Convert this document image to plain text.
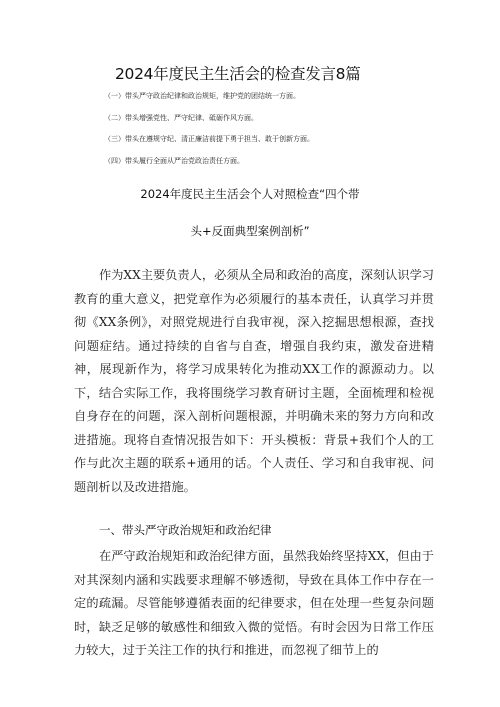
2024年度民主生活会的检查发言8篇
（一）带头严守政治纪律和政治规矩，维护党的团结统一方面。
（二）带头增强党性、严守纪律、砥砺作风方面。
（三）带头在遵规守纪、清正廉洁前提下勇于担当、敢于创新方面。
（四）带头履行全面从严治党政治责任方面。
2024年度民主生活会个人对照检查“四个带
头+反面典型案例剖析”
作为XX主要负责人，必须从全局和政治的高度，深刻认识学习教育的重大意义，把党章作为必须履行的基本责任，认真学习并贯彻《XX条例》，对照党规进行自我审视，深入挖掘思想根源，查找问题症结。通过持续的自省与自查，增强自我约束，激发奋进精神，展现新作为，将学习成果转化为推动XX工作的源源动力。以下，结合实际工作，我将围绕学习教育研讨主题，全面梳理和检视自身存在的问题，深入剖析问题根源，并明确未来的努力方向和改进措施。现将自查情况报告如下：开头模板：背景+我们个人的工作与此次主题的联系+通用的话。个人责任、学习和自我审视、问题剖析以及改进措施。
一、带头严守政治规矩和政治纪律
在严守政治规矩和政治纪律方面，虽然我始终坚持XX，但由于对其深刻内涵和实践要求理解不够透彻，导致在具体工作中存在一定的疏漏。尽管能够遵循表面的纪律要求，但在处理一些复杂问题时，缺乏足够的敏感性和细致入微的觉悟。有时会因为日常工作压力较大，过于关注工作的执行和推进，而忽视了细节上的
